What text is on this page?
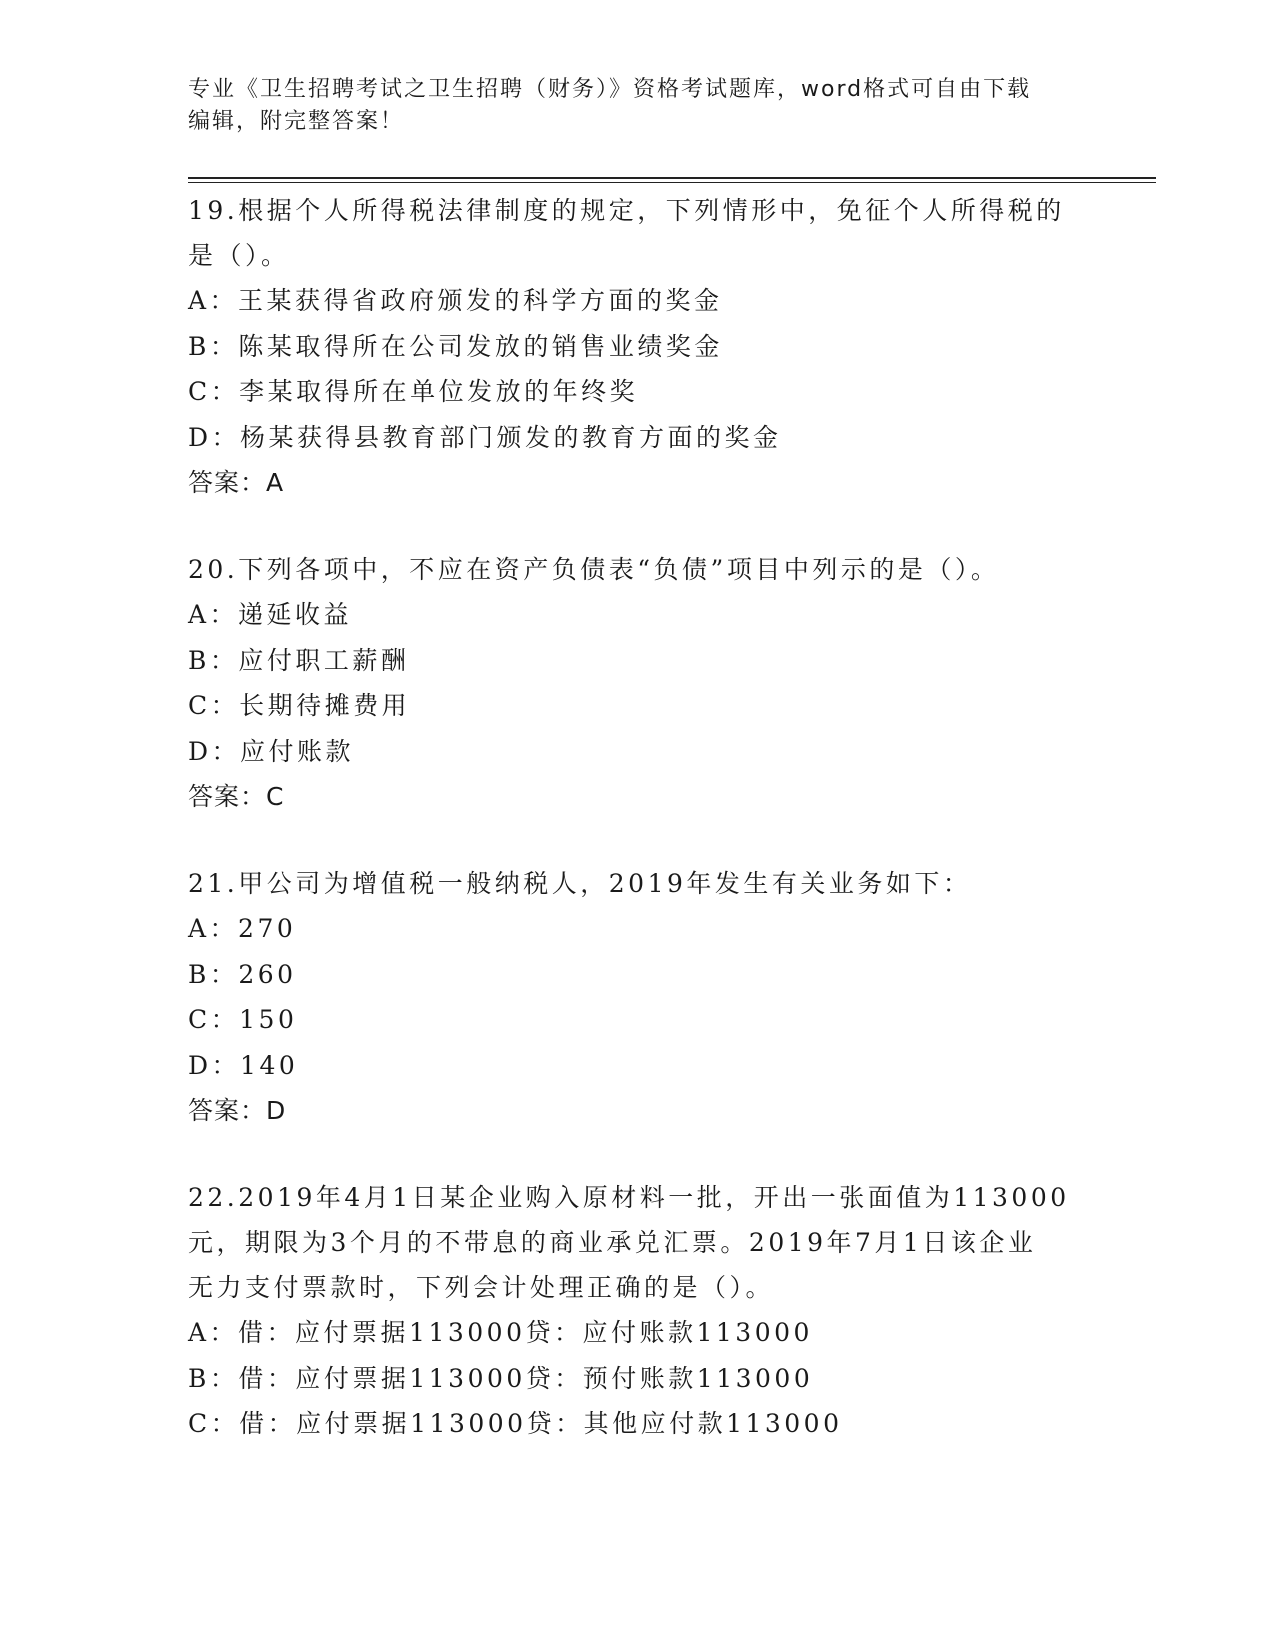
专业《卫生招聘考试之卫生招聘（财务）》资格考试题库，word格式可自由下载
编辑，附完整答案！

19.根据个人所得税法律制度的规定，下列情形中，免征个人所得税的

是（）。

A：王某获得省政府颁发的科学方面的奖金

B：陈某取得所在公司发放的销售业绩奖金

C：李某取得所在单位发放的年终奖

D：杨某获得县教育部门颁发的教育方面的奖金

答案：A

20.下列各项中，不应在资产负债表“负债”项目中列示的是（）。

A：递延收益

B：应付职工薪酬

C：长期待摊费用

D：应付账款

答案：C

21.甲公司为增值税一般纳税人，2019年发生有关业务如下：

A：270

B：260

C：150

D：140

答案：D

22.2019年4月1日某企业购入原材料一批，开出一张面值为113000

元，期限为3个月的不带息的商业承兑汇票。2019年7月1日该企业

无力支付票款时，下列会计处理正确的是（）。

A：借：应付票据113000贷：应付账款113000

B：借：应付票据113000贷：预付账款113000

C：借：应付票据113000贷：其他应付款113000
